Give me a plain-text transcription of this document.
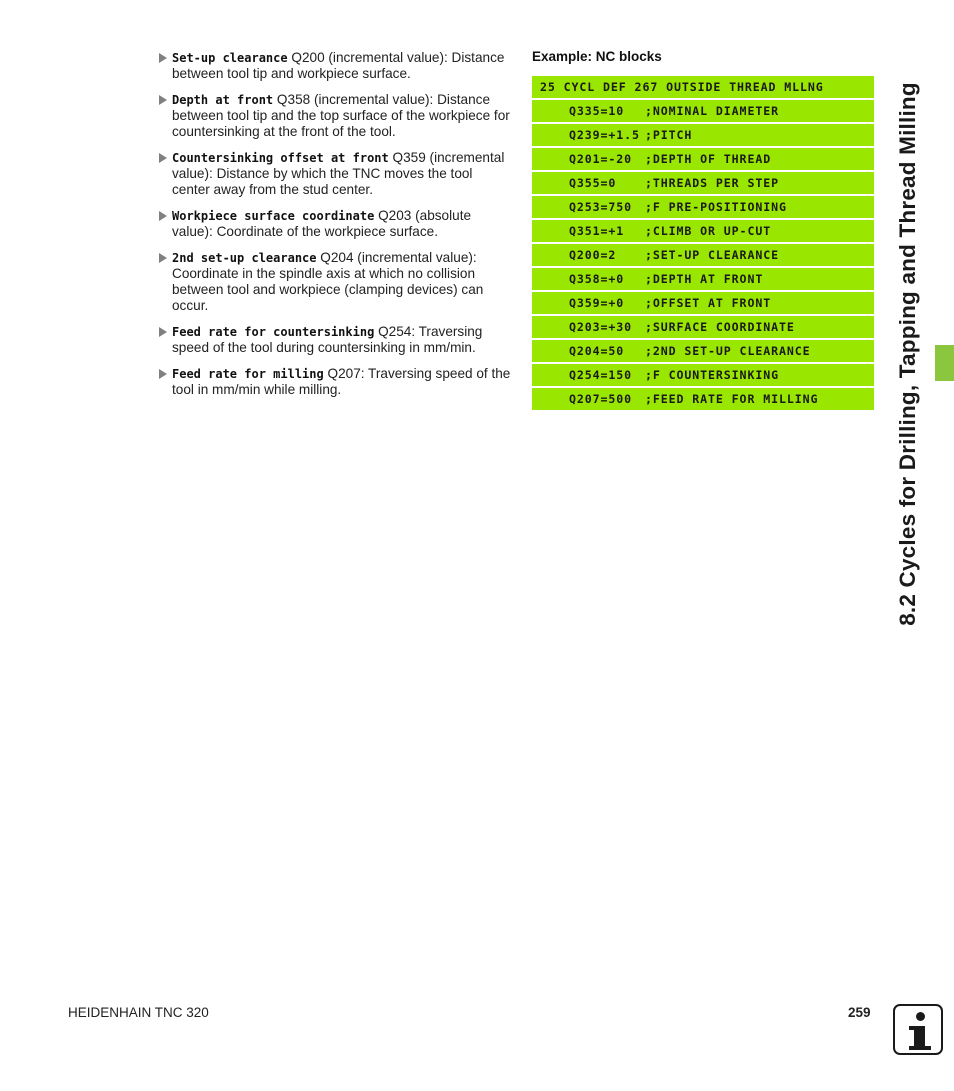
Set-up clearance Q200 (incremental value): Distance between tool tip and workpiece surface.
Depth at front Q358 (incremental value): Distance between tool tip and the top surface of the workpiece for countersinking at the front of the tool.
Countersinking offset at front Q359 (incremental value): Distance by which the TNC moves the tool center away from the stud center.
Workpiece surface coordinate Q203 (absolute value): Coordinate of the workpiece surface.
2nd set-up clearance Q204 (incremental value): Coordinate in the spindle axis at which no collision between tool and workpiece (clamping devices) can occur.
Feed rate for countersinking Q254: Traversing speed of the tool during countersinking in mm/min.
Feed rate for milling Q207: Traversing speed of the tool in mm/min while milling.
Example: NC blocks
25 CYCL DEF 267 OUTSIDE THREAD MLLNG
Q335=10	;NOMINAL DIAMETER
Q239=+1.5 ;PITCH
Q201=-20	;DEPTH OF THREAD
Q355=0	;THREADS PER STEP
Q253=750	;F PRE-POSITIONING
Q351=+1	;CLIMB OR UP-CUT
Q200=2	;SET-UP CLEARANCE
Q358=+0	;DEPTH AT FRONT
Q359=+0	;OFFSET AT FRONT
Q203=+30	;SURFACE COORDINATE
Q204=50	;2ND SET-UP CLEARANCE
Q254=150	;F COUNTERSINKING
Q207=500	;FEED RATE FOR MILLING	8.2 Cycles for Drilling, Tapping and Thread Milling
HEIDENHAIN TNC 320	259
